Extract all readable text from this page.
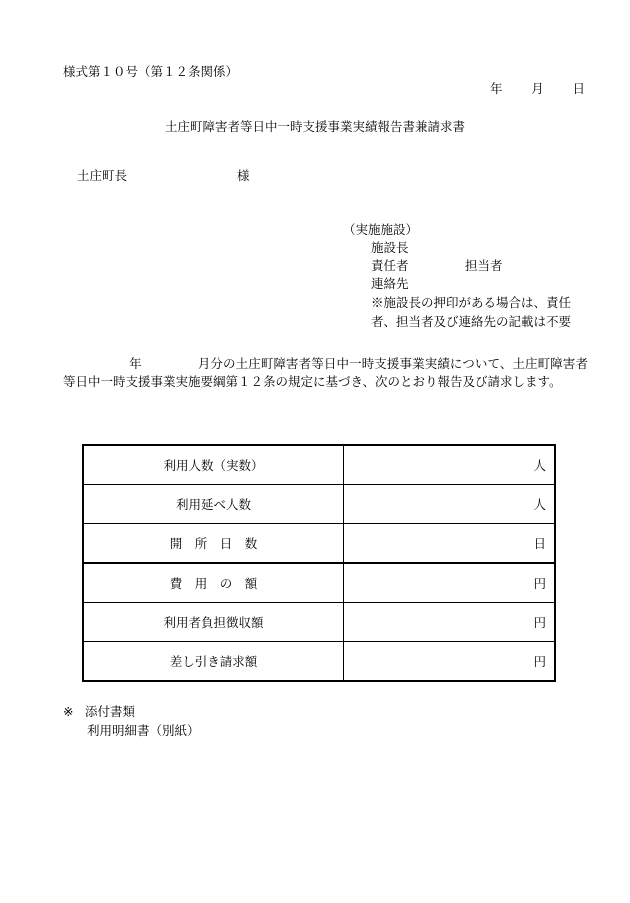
様式第１０号（第１２条関係）
年 月 日
土庄町障害者等日中一時支援事業実績報告書兼請求書
土庄町長	様
（実施施設）
施設長
責任者	担当者
連絡先
※施設長の押印がある場合は、責任者、担当者及び連絡先の記載は不要
年	月分の土庄町障害者等日中一時支援事業実績について、土庄町障害者等日中一時支援事業実施要綱第１２条の規定に基づき、次のとおり報告及び請求します。
利用人数（実数）	人
利用延べ人数	人
開　所　日　数	日
費　用　の　額	円
利用者負担徴収額	円
差し引き請求額	円
※ 添付書類
利用明細書（別紙）
